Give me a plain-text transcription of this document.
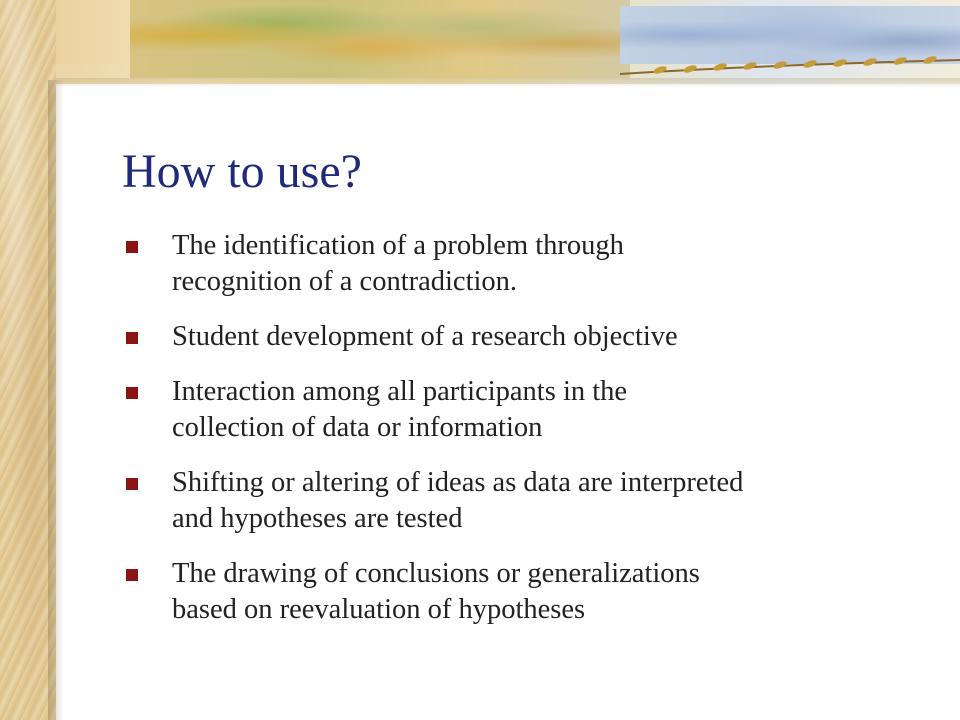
How to use?
The identification of a problem through
recognition of a contradiction.
Student development of a research objective
Interaction among all participants in the
collection of data or information
Shifting or altering of ideas as data are interpreted
and hypotheses are tested
The drawing of conclusions or generalizations
based on reevaluation of hypotheses
